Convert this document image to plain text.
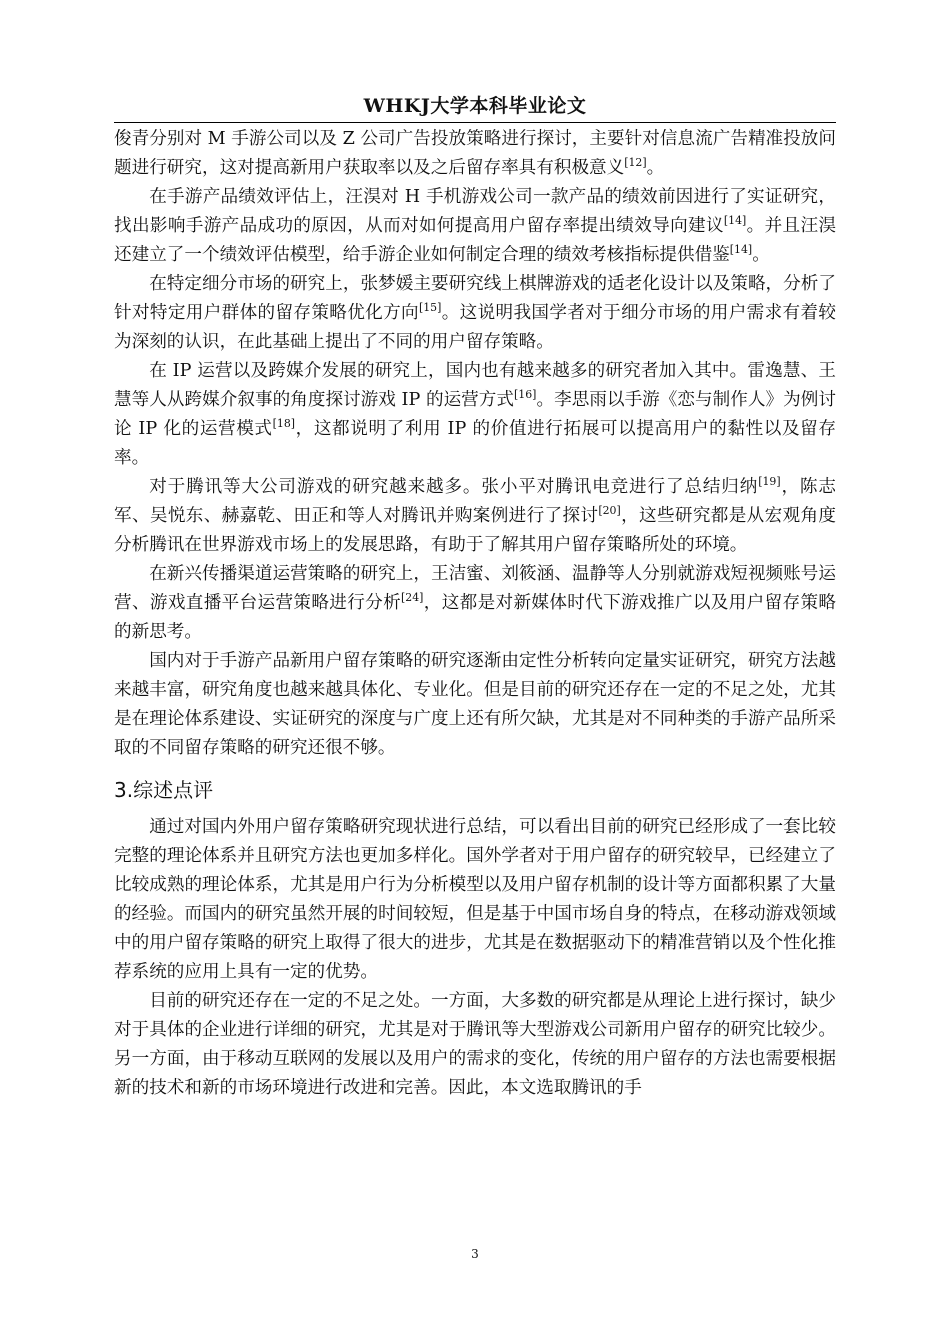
WHKJ大学本科毕业论文

俊青分别对 M 手游公司以及 Z 公司广告投放策略进行探讨，主要针对信息流广告精准投放问题进行研究，这对提高新用户获取率以及之后留存率具有积极意义[12]。

在手游产品绩效评估上，汪淏对 H 手机游戏公司一款产品的绩效前因进行了实证研究，找出影响手游产品成功的原因，从而对如何提高用户留存率提出绩效导向建议[14]。并且汪淏还建立了一个绩效评估模型，给手游企业如何制定合理的绩效考核指标提供借鉴[14]。

在特定细分市场的研究上，张梦媛主要研究线上棋牌游戏的适老化设计以及策略，分析了针对特定用户群体的留存策略优化方向[15]。这说明我国学者对于细分市场的用户需求有着较为深刻的认识，在此基础上提出了不同的用户留存策略。

在 IP 运营以及跨媒介发展的研究上，国内也有越来越多的研究者加入其中。雷逸慧、王慧等人从跨媒介叙事的角度探讨游戏 IP 的运营方式[16]。李思雨以手游《恋与制作人》为例讨论 IP 化的运营模式[18]，这都说明了利用 IP 的价值进行拓展可以提高用户的黏性以及留存率。

对于腾讯等大公司游戏的研究越来越多。张小平对腾讯电竞进行了总结归纳[19]，陈志军、吴悦东、赫嘉乾、田正和等人对腾讯并购案例进行了探讨[20]，这些研究都是从宏观角度分析腾讯在世界游戏市场上的发展思路，有助于了解其用户留存策略所处的环境。

在新兴传播渠道运营策略的研究上，王洁蜜、刘筱涵、温静等人分别就游戏短视频账号运营、游戏直播平台运营策略进行分析[24]，这都是对新媒体时代下游戏推广以及用户留存策略的新思考。

国内对于手游产品新用户留存策略的研究逐渐由定性分析转向定量实证研究，研究方法越来越丰富，研究角度也越来越具体化、专业化。但是目前的研究还存在一定的不足之处，尤其是在理论体系建设、实证研究的深度与广度上还有所欠缺，尤其是对不同种类的手游产品所采取的不同留存策略的研究还很不够。

3.综述点评

通过对国内外用户留存策略研究现状进行总结，可以看出目前的研究已经形成了一套比较完整的理论体系并且研究方法也更加多样化。国外学者对于用户留存的研究较早，已经建立了比较成熟的理论体系，尤其是用户行为分析模型以及用户留存机制的设计等方面都积累了大量的经验。而国内的研究虽然开展的时间较短，但是基于中国市场自身的特点，在移动游戏领域中的用户留存策略的研究上取得了很大的进步，尤其是在数据驱动下的精准营销以及个性化推荐系统的应用上具有一定的优势。

目前的研究还存在一定的不足之处。一方面，大多数的研究都是从理论上进行探讨，缺少对于具体的企业进行详细的研究，尤其是对于腾讯等大型游戏公司新用户留存的研究比较少。另一方面，由于移动互联网的发展以及用户的需求的变化，传统的用户留存的方法也需要根据新的技术和新的市场环境进行改进和完善。因此，本文选取腾讯的手

3
